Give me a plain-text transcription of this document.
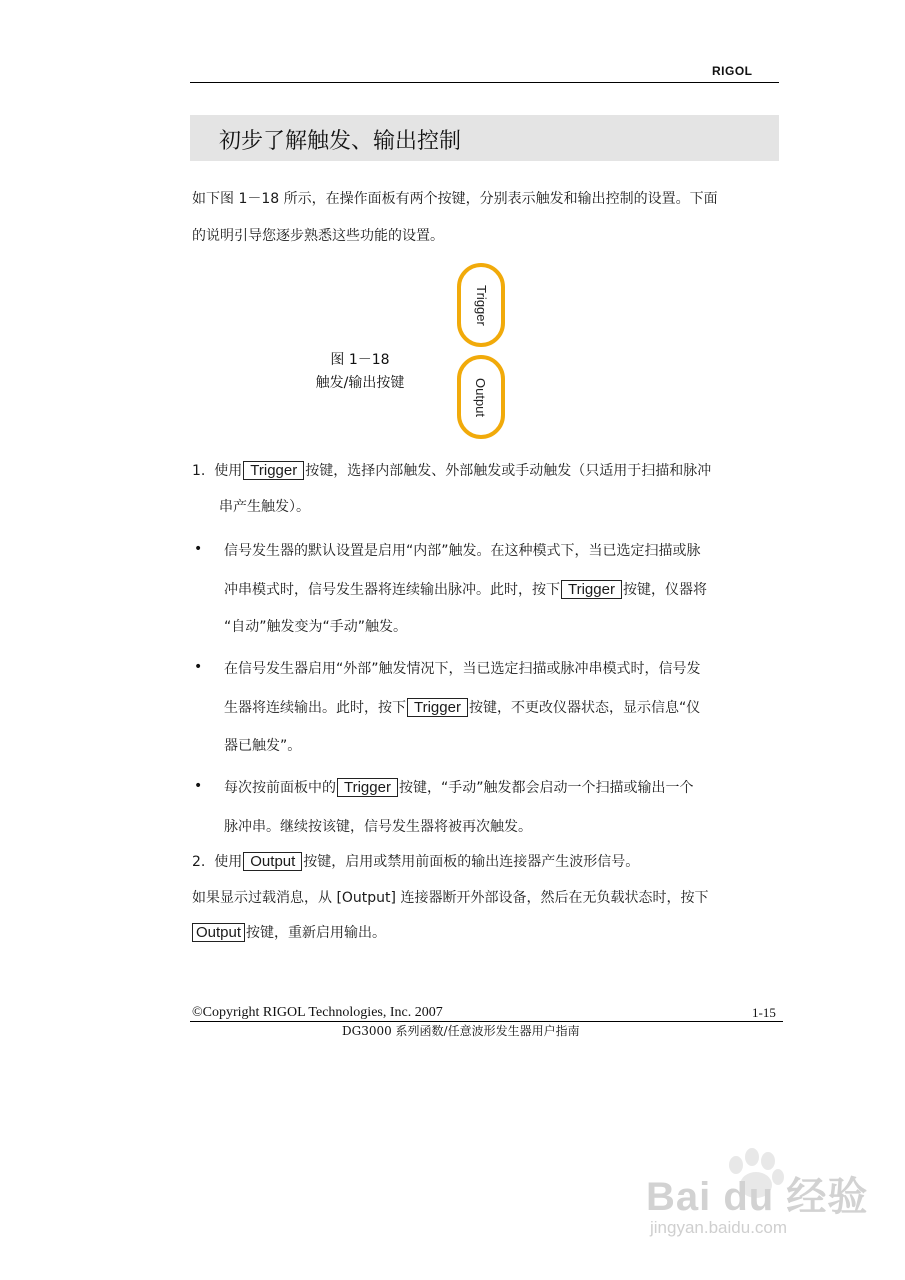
RIGOL
初步了解触发、输出控制
如下图 1－18 所示，在操作面板有两个按键，分别表示触发和输出控制的设置。下面
的说明引导您逐步熟悉这些功能的设置。
Trigger
Output
图 1－18
触发/输出按键
1. 使用 Trigger 按键，选择内部触发、外部触发或手动触发（只适用于扫描和脉冲
串产生触发）。
• 信号发生器的默认设置是启用“内部”触发。在这种模式下，当已选定扫描或脉
冲串模式时，信号发生器将连续输出脉冲。此时，按下 Trigger 按键，仪器将
“自动”触发变为“手动”触发。
• 在信号发生器启用“外部”触发情况下，当已选定扫描或脉冲串模式时，信号发
生器将连续输出。此时，按下 Trigger 按键，不更改仪器状态，显示信息“仪
器已触发”。
• 每次按前面板中的 Trigger 按键，“手动”触发都会启动一个扫描或输出一个
脉冲串。继续按该键，信号发生器将被再次触发。
2. 使用 Output 按键，启用或禁用前面板的输出连接器产生波形信号。
如果显示过载消息，从 [Output] 连接器断开外部设备，然后在无负载状态时，按下
Output 按键，重新启用输出。
©Copyright RIGOL Technologies, Inc. 2007	1-15
DG3000 系列函数/任意波形发生器用户指南
Bai du 经验
jingyan.baidu.com
